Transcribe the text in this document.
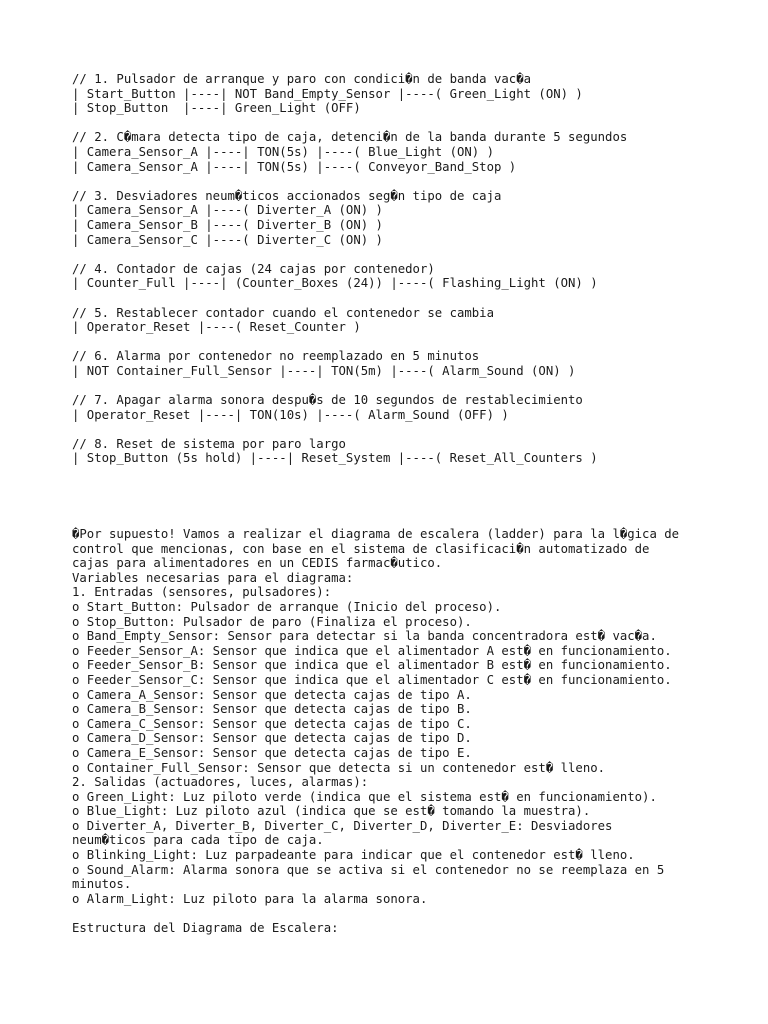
// 1. Pulsador de arranque y paro con condici�n de banda vac�a
| Start_Button |----| NOT Band_Empty_Sensor |----( Green_Light (ON) )
| Stop_Button  |----| Green_Light (OFF)
// 2. C�mara detecta tipo de caja, detenci�n de la banda durante 5 segundos
| Camera_Sensor_A |----| TON(5s) |----( Blue_Light (ON) )
| Camera_Sensor_A |----| TON(5s) |----( Conveyor_Band_Stop )
// 3. Desviadores neum�ticos accionados seg�n tipo de caja
| Camera_Sensor_A |----( Diverter_A (ON) )
| Camera_Sensor_B |----( Diverter_B (ON) )
| Camera_Sensor_C |----( Diverter_C (ON) )
// 4. Contador de cajas (24 cajas por contenedor)
| Counter_Full |----| (Counter_Boxes (24)) |----( Flashing_Light (ON) )
// 5. Restablecer contador cuando el contenedor se cambia
| Operator_Reset |----( Reset_Counter )
// 6. Alarma por contenedor no reemplazado en 5 minutos
| NOT Container_Full_Sensor |----| TON(5m) |----( Alarm_Sound (ON) )
// 7. Apagar alarma sonora despu�s de 10 segundos de restablecimiento
| Operator_Reset |----| TON(10s) |----( Alarm_Sound (OFF) )
// 8. Reset de sistema por paro largo
| Stop_Button (5s hold) |----| Reset_System |----( Reset_All_Counters )
�Por supuesto! Vamos a realizar el diagrama de escalera (ladder) para la l�gica de
control que mencionas, con base en el sistema de clasificaci�n automatizado de
cajas para alimentadores en un CEDIS farmac�utico.
Variables necesarias para el diagrama:
1. Entradas (sensores, pulsadores):
o Start_Button: Pulsador de arranque (Inicio del proceso).
o Stop_Button: Pulsador de paro (Finaliza el proceso).
o Band_Empty_Sensor: Sensor para detectar si la banda concentradora est� vac�a.
o Feeder_Sensor_A: Sensor que indica que el alimentador A est� en funcionamiento.
o Feeder_Sensor_B: Sensor que indica que el alimentador B est� en funcionamiento.
o Feeder_Sensor_C: Sensor que indica que el alimentador C est� en funcionamiento.
o Camera_A_Sensor: Sensor que detecta cajas de tipo A.
o Camera_B_Sensor: Sensor que detecta cajas de tipo B.
o Camera_C_Sensor: Sensor que detecta cajas de tipo C.
o Camera_D_Sensor: Sensor que detecta cajas de tipo D.
o Camera_E_Sensor: Sensor que detecta cajas de tipo E.
o Container_Full_Sensor: Sensor que detecta si un contenedor est� lleno.
2. Salidas (actuadores, luces, alarmas):
o Green_Light: Luz piloto verde (indica que el sistema est� en funcionamiento).
o Blue_Light: Luz piloto azul (indica que se est� tomando la muestra).
o Diverter_A, Diverter_B, Diverter_C, Diverter_D, Diverter_E: Desviadores
neum�ticos para cada tipo de caja.
o Blinking_Light: Luz parpadeante para indicar que el contenedor est� lleno.
o Sound_Alarm: Alarma sonora que se activa si el contenedor no se reemplaza en 5
minutos.
o Alarm_Light: Luz piloto para la alarma sonora.
Estructura del Diagrama de Escalera:
